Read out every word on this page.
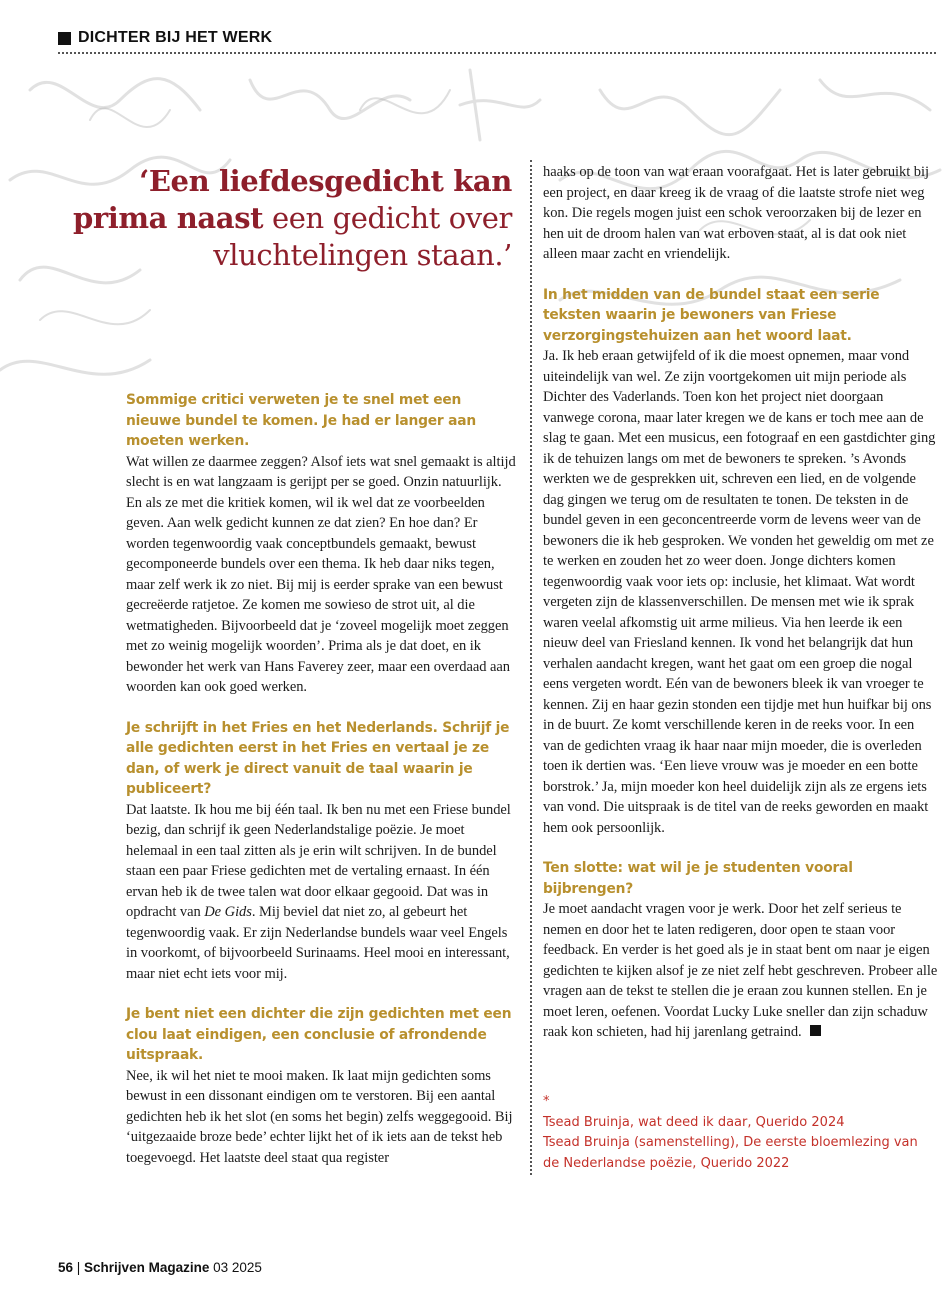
DICHTER BIJ HET WERK
‘Een liefdesgedicht kan prima naast een gedicht over vluchtelingen staan.’

Sommige critici verweten je te snel met een nieuwe bundel te komen. Je had er langer aan moeten werken.

Wat willen ze daarmee zeggen? Alsof iets wat snel gemaakt is altijd slecht is en wat langzaam is gerijpt per se goed. Onzin natuurlijk. En als ze met die kritiek komen, wil ik wel dat ze voorbeelden geven. Aan welk gedicht kunnen ze dat zien? En hoe dan? Er worden tegenwoordig vaak conceptbundels gemaakt, bewust gecomponeerde bundels over een thema. Ik heb daar niks tegen, maar zelf werk ik zo niet. Bij mij is eerder sprake van een bewust gecreëerde ratjetoe. Ze komen me sowieso de strot uit, al die wetmatigheden. Bijvoorbeeld dat je ‘zoveel mogelijk moet zeggen met zo weinig mogelijk woorden’. Prima als je dat doet, en ik bewonder het werk van Hans Faverey zeer, maar een overdaad aan woorden kan ook goed werken.

Je schrijft in het Fries en het Nederlands. Schrijf je alle gedichten eerst in het Fries en vertaal je ze dan, of werk je direct vanuit de taal waarin je publiceert?

Dat laatste. Ik hou me bij één taal. Ik ben nu met een Friese bundel bezig, dan schrijf ik geen Nederlandstalige poëzie. Je moet helemaal in een taal zitten als je erin wilt schrijven. In de bundel staan een paar Friese gedichten met de vertaling ernaast. In één ervan heb ik de twee talen wat door elkaar gegooid. Dat was in opdracht van De Gids. Mij beviel dat niet zo, al gebeurt het tegenwoordig vaak. Er zijn Nederlandse bundels waar veel Engels in voorkomt, of bijvoorbeeld Surinaams. Heel mooi en interessant, maar niet echt iets voor mij.

Je bent niet een dichter die zijn gedichten met een clou laat eindigen, een conclusie of afrondende uitspraak.

Nee, ik wil het niet te mooi maken. Ik laat mijn gedichten soms bewust in een dissonant eindigen om te verstoren. Bij een aantal gedichten heb ik het slot (en soms het begin) zelfs weggegooid. Bij ‘uitgezaaide broze bede’ echter lijkt het of ik iets aan de tekst heb toegevoegd. Het laatste deel staat qua register

haaks op de toon van wat eraan voorafgaat. Het is later gebruikt bij een project, en daar kreeg ik de vraag of die laatste strofe niet weg kon. Die regels mogen juist een schok veroorzaken bij de lezer en hen uit de droom halen van wat erboven staat, al is dat ook niet alleen maar zacht en vriendelijk.

In het midden van de bundel staat een serie teksten waarin je bewoners van Friese verzorgingstehuizen aan het woord laat.

Ja. Ik heb eraan getwijfeld of ik die moest opnemen, maar vond uiteindelijk van wel. Ze zijn voortgekomen uit mijn periode als Dichter des Vaderlands. Toen kon het project niet doorgaan vanwege corona, maar later kregen we de kans er toch mee aan de slag te gaan. Met een musicus, een fotograaf en een gastdichter ging ik de tehuizen langs om met de bewoners te spreken. ’s Avonds werkten we de gesprekken uit, schreven een lied, en de volgende dag gingen we terug om de resultaten te tonen. De teksten in de bundel geven in een geconcentreerde vorm de levens weer van de bewoners die ik heb gesproken. We vonden het geweldig om met ze te werken en zouden het zo weer doen. Jonge dichters komen tegenwoordig vaak voor iets op: inclusie, het klimaat. Wat wordt vergeten zijn de klassenverschillen. De mensen met wie ik sprak waren veelal afkomstig uit arme milieus. Via hen leerde ik een nieuw deel van Friesland kennen. Ik vond het belangrijk dat hun verhalen aandacht kregen, want het gaat om een groep die nogal eens vergeten wordt. Eén van de bewoners bleek ik van vroeger te kennen. Zij en haar gezin stonden een tijdje met hun huifkar bij ons in de buurt. Ze komt verschillende keren in de reeks voor. In een van de gedichten vraag ik haar naar mijn moeder, die is overleden toen ik dertien was. ‘Een lieve vrouw was je moeder en een botte borstrok.’ Ja, mijn moeder kon heel duidelijk zijn als ze ergens iets van vond. Die uitspraak is de titel van de reeks geworden en maakt hem ook persoonlijk.

Ten slotte: wat wil je je studenten vooral bijbrengen?

Je moet aandacht vragen voor je werk. Door het zelf serieus te nemen en door het te laten redigeren, door open te staan voor feedback. En verder is het goed als je in staat bent om naar je eigen gedichten te kijken alsof je ze niet zelf hebt geschreven. Probeer alle vragen aan de tekst te stellen die je eraan zou kunnen stellen. En je moet leren, oefenen. Voordat Lucky Luke sneller dan zijn schaduw raak kon schieten, had hij jarenlang getraind.

*

Tsead Bruinja, wat deed ik daar, Querido 2024

Tsead Bruinja (samenstelling), De eerste bloemlezing van de Nederlandse poëzie, Querido 2022

56 | Schrijven Magazine 03 2025
